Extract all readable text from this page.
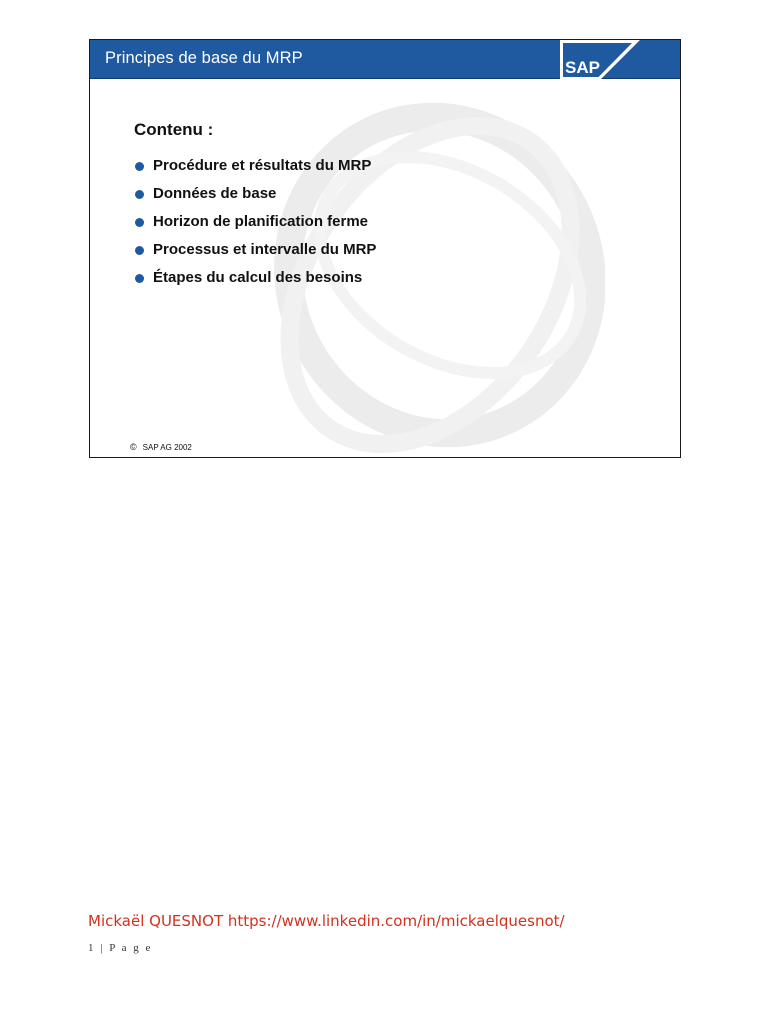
Principes de base du MRP	SAP
Contenu :
Procédure et résultats du MRP
Données de base
Horizon de planification ferme
Processus et intervalle du MRP
Étapes du calcul des besoins
© SAP AG 2002
Mickaël QUESNOT https://www.linkedin.com/in/mickaelquesnot/
1 | P a g e
